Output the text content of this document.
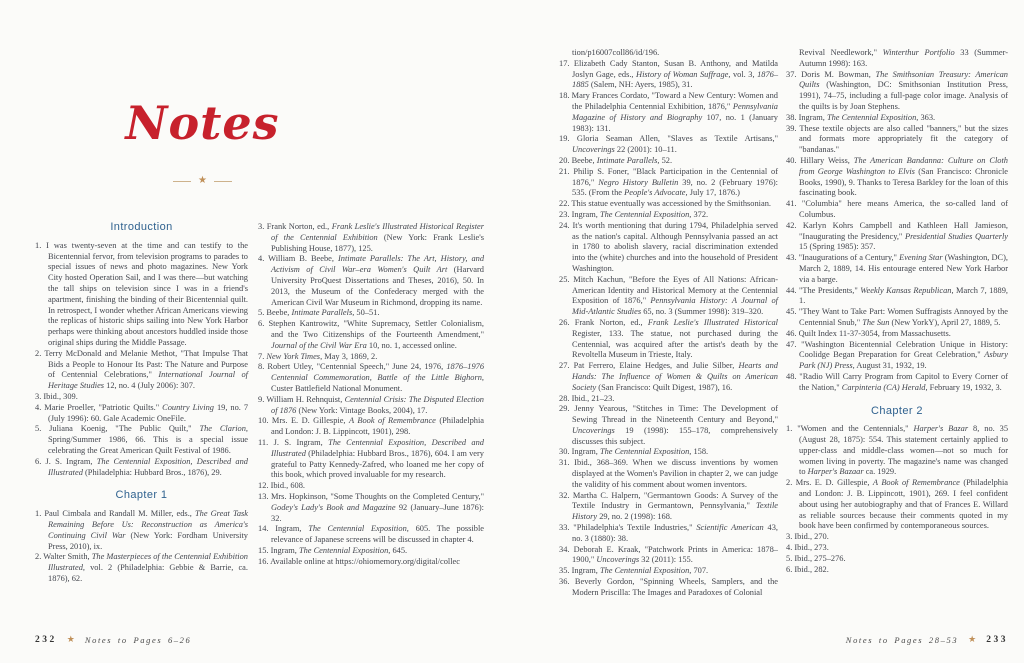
Notes
★
Introduction
1. I was twenty-seven at the time and can testify to the Bicentennial fervor, from television programs to parades to special issues of news and photo magazines. New York City hosted Operation Sail, and I was there—but watching the tall ships on television since I was in a friend's apartment, finishing the binding of their Bicentennial quilt. In retrospect, I wonder whether African Americans viewing the replicas of historic ships sailing into New York Harbor perhaps were thinking about ancestors huddled inside those original ships during the Middle Passage.
2. Terry McDonald and Melanie Methot, "That Impulse That Bids a People to Honour Its Past: The Nature and Purpose of Centennial Celebrations," International Journal of Heritage Studies 12, no. 4 (July 2006): 307.
3. Ibid., 309.
4. Marie Proeller, "Patriotic Quilts." Country Living 19, no. 7 (July 1996): 60. Gale Academic OneFile.
5. Juliana Koenig, "The Public Quilt," The Clarion, Spring/Summer 1986, 66. This is a special issue celebrating the Great American Quilt Festival of 1986.
6. J. S. Ingram, The Centennial Exposition, Described and Illustrated (Philadelphia: Hubbard Bros., 1876), 29.
Chapter 1
1. Paul Cimbala and Randall M. Miller, eds., The Great Task Remaining Before Us: Reconstruction as America's Continuing Civil War (New York: Fordham University Press, 2010), ix.
2. Walter Smith, The Masterpieces of the Centennial Exhibition Illustrated, vol. 2 (Philadelphia: Gebbie & Barrie, ca. 1876), 62.
3. Frank Norton, ed., Frank Leslie's Illustrated Historical Register of the Centennial Exhibition (New York: Frank Leslie's Publishing House, 1877), 125.
4. William B. Beebe, Intimate Parallels: The Art, History, and Activism of Civil War–era Women's Quilt Art (Harvard University ProQuest Dissertations and Theses, 2016), 50. In 2013, the Museum of the Confederacy merged with the American Civil War Museum in Richmond, dropping its name.
5. Beebe, Intimate Parallels, 50–51.
6. Stephen Kantrowitz, "White Supremacy, Settler Colonialism, and the Two Citizenships of the Fourteenth Amendment," Journal of the Civil War Era 10, no. 1, accessed online.
7. New York Times, May 3, 1869, 2.
8. Robert Utley, "Centennial Speech," June 24, 1976, 1876–1976 Centennial Commemoration, Battle of the Little Bighorn, Custer Battlefield National Monument.
9. William H. Rehnquist, Centennial Crisis: The Disputed Election of 1876 (New York: Vintage Books, 2004), 17.
10. Mrs. E. D. Gillespie, A Book of Remembrance (Philadelphia and London: J. B. Lippincott, 1901), 298.
11. J. S. Ingram, The Centennial Exposition, Described and Illustrated (Philadelphia: Hubbard Bros., 1876), 604. I am very grateful to Patty Kennedy-Zafred, who loaned me her copy of this book, which proved invaluable for my research.
12. Ibid., 608.
13. Mrs. Hopkinson, "Some Thoughts on the Completed Century," Godey's Lady's Book and Magazine 92 (January–June 1876): 32.
14. Ingram, The Centennial Exposition, 605. The possible relevance of Japanese screens will be discussed in chapter 4.
15. Ingram, The Centennial Exposition, 645.
16. Available online at https://ohiomemory.org/digital/collec
tion/p16007coll86/id/196.
17. Elizabeth Cady Stanton, Susan B. Anthony, and Matilda Joslyn Gage, eds., History of Woman Suffrage, vol. 3, 1876–1885 (Salem, NH: Ayers, 1985), 31.
18. Mary Frances Cordato, "Toward a New Century: Women and the Philadelphia Centennial Exhibition, 1876," Pennsylvania Magazine of History and Biography 107, no. 1 (January 1983): 131.
19. Gloria Seaman Allen, "Slaves as Textile Artisans," Uncoverings 22 (2001): 10–11.
20. Beebe, Intimate Parallels, 52.
21. Philip S. Foner, "Black Participation in the Centennial of 1876," Negro History Bulletin 39, no. 2 (February 1976): 535. (From the People's Advocate, July 17, 1876.)
22. This statue eventually was accessioned by the Smithsonian.
23. Ingram, The Centennial Exposition, 372.
24. It's worth mentioning that during 1794, Philadelphia served as the nation's capital. Although Pennsylvania passed an act in 1780 to abolish slavery, racial discrimination extended into the (white) churches and into the household of President Washington.
25. Mitch Kachun, "Before the Eyes of All Nations: African-American Identity and Historical Memory at the Centennial Exposition of 1876," Pennsylvania History: A Journal of Mid-Atlantic Studies 65, no. 3 (Summer 1998): 319–320.
26. Frank Norton, ed., Frank Leslie's Illustrated Historical Register, 133. The statue, not purchased during the Centennial, was acquired after the artist's death by the Revoltella Museum in Trieste, Italy.
27. Pat Ferrero, Elaine Hedges, and Julie Silber, Hearts and Hands: The Influence of Women & Quilts on American Society (San Francisco: Quilt Digest, 1987), 16.
28. Ibid., 21–23.
29. Jenny Yearous, "Stitches in Time: The Development of Sewing Thread in the Nineteenth Century and Beyond," Uncoverings 19 (1998): 155–178, comprehensively discusses this subject.
30. Ingram, The Centennial Exposition, 158.
31. Ibid., 368–369. When we discuss inventions by women displayed at the Women's Pavilion in chapter 2, we can judge the validity of his comment about women inventors.
32. Martha C. Halpern, "Germantown Goods: A Survey of the Textile Industry in Germantown, Pennsylvania," Textile History 29, no. 2 (1998): 168.
33. "Philadelphia's Textile Industries," Scientific American 43, no. 3 (1880): 38.
34. Deborah E. Kraak, "Patchwork Prints in America: 1878–1900," Uncoverings 32 (2011): 155.
35. Ingram, The Centennial Exposition, 707.
36. Beverly Gordon, "Spinning Wheels, Samplers, and the Modern Priscilla: The Images and Paradoxes of Colonial
Revival Needlework," Winterthur Portfolio 33 (Summer-Autumn 1998): 163.
37. Doris M. Bowman, The Smithsonian Treasury: American Quilts (Washington, DC: Smithsonian Institution Press, 1991), 74–75, including a full-page color image. Analysis of the quilts is by Joan Stephens.
38. Ingram, The Centennial Exposition, 363.
39. These textile objects are also called "banners," but the sizes and formats more appropriately fit the category of "bandanas."
40. Hillary Weiss, The American Bandanna: Culture on Cloth from George Washington to Elvis (San Francisco: Chronicle Books, 1990), 9. Thanks to Teresa Barkley for the loan of this fascinating book.
41. "Columbia" here means America, the so-called land of Columbus.
42. Karlyn Kohrs Campbell and Kathleen Hall Jamieson, "Inaugurating the Presidency," Presidential Studies Quarterly 15 (Spring 1985): 357.
43. "Inaugurations of a Century," Evening Star (Washington, DC), March 2, 1889, 14. His entourage entered New York Harbor via a barge.
44. "The Presidents," Weekly Kansas Republican, March 7, 1889, 1.
45. "They Want to Take Part: Women Suffragists Annoyed by the Centennial Snub," The Sun (New YorkY), April 27, 1889, 5.
46. Quilt Index 11-37-3054, from Massachusetts.
47. "Washington Bicentennial Celebration Unique in History: Coolidge Began Preparation for Great Celebration," Asbury Park (NJ) Press, August 31, 1932, 19.
48. "Radio Will Carry Program from Capitol to Every Corner of the Nation," Carpinteria (CA) Herald, February 19, 1932, 3.
Chapter 2
1. "Women and the Centennials," Harper's Bazar 8, no. 35 (August 28, 1875): 554. This statement certainly applied to upper-class and middle-class women—not so much for women living in poverty. The magazine's name was changed to Harper's Bazaar ca. 1929.
2. Mrs. E. D. Gillespie, A Book of Remembrance (Philadelphia and London: J. B. Lippincott, 1901), 269. I feel confident about using her autobiography and that of Frances E. Willard as reliable sources because their comments quoted in my book have been confirmed by contemporaneous sources.
3. Ibid., 270.
4. Ibid., 273.
5. Ibid., 275–276.
6. Ibid., 282.
232 ★ Notes to Pages 6–26	Notes to Pages 28–53 ★ 233
